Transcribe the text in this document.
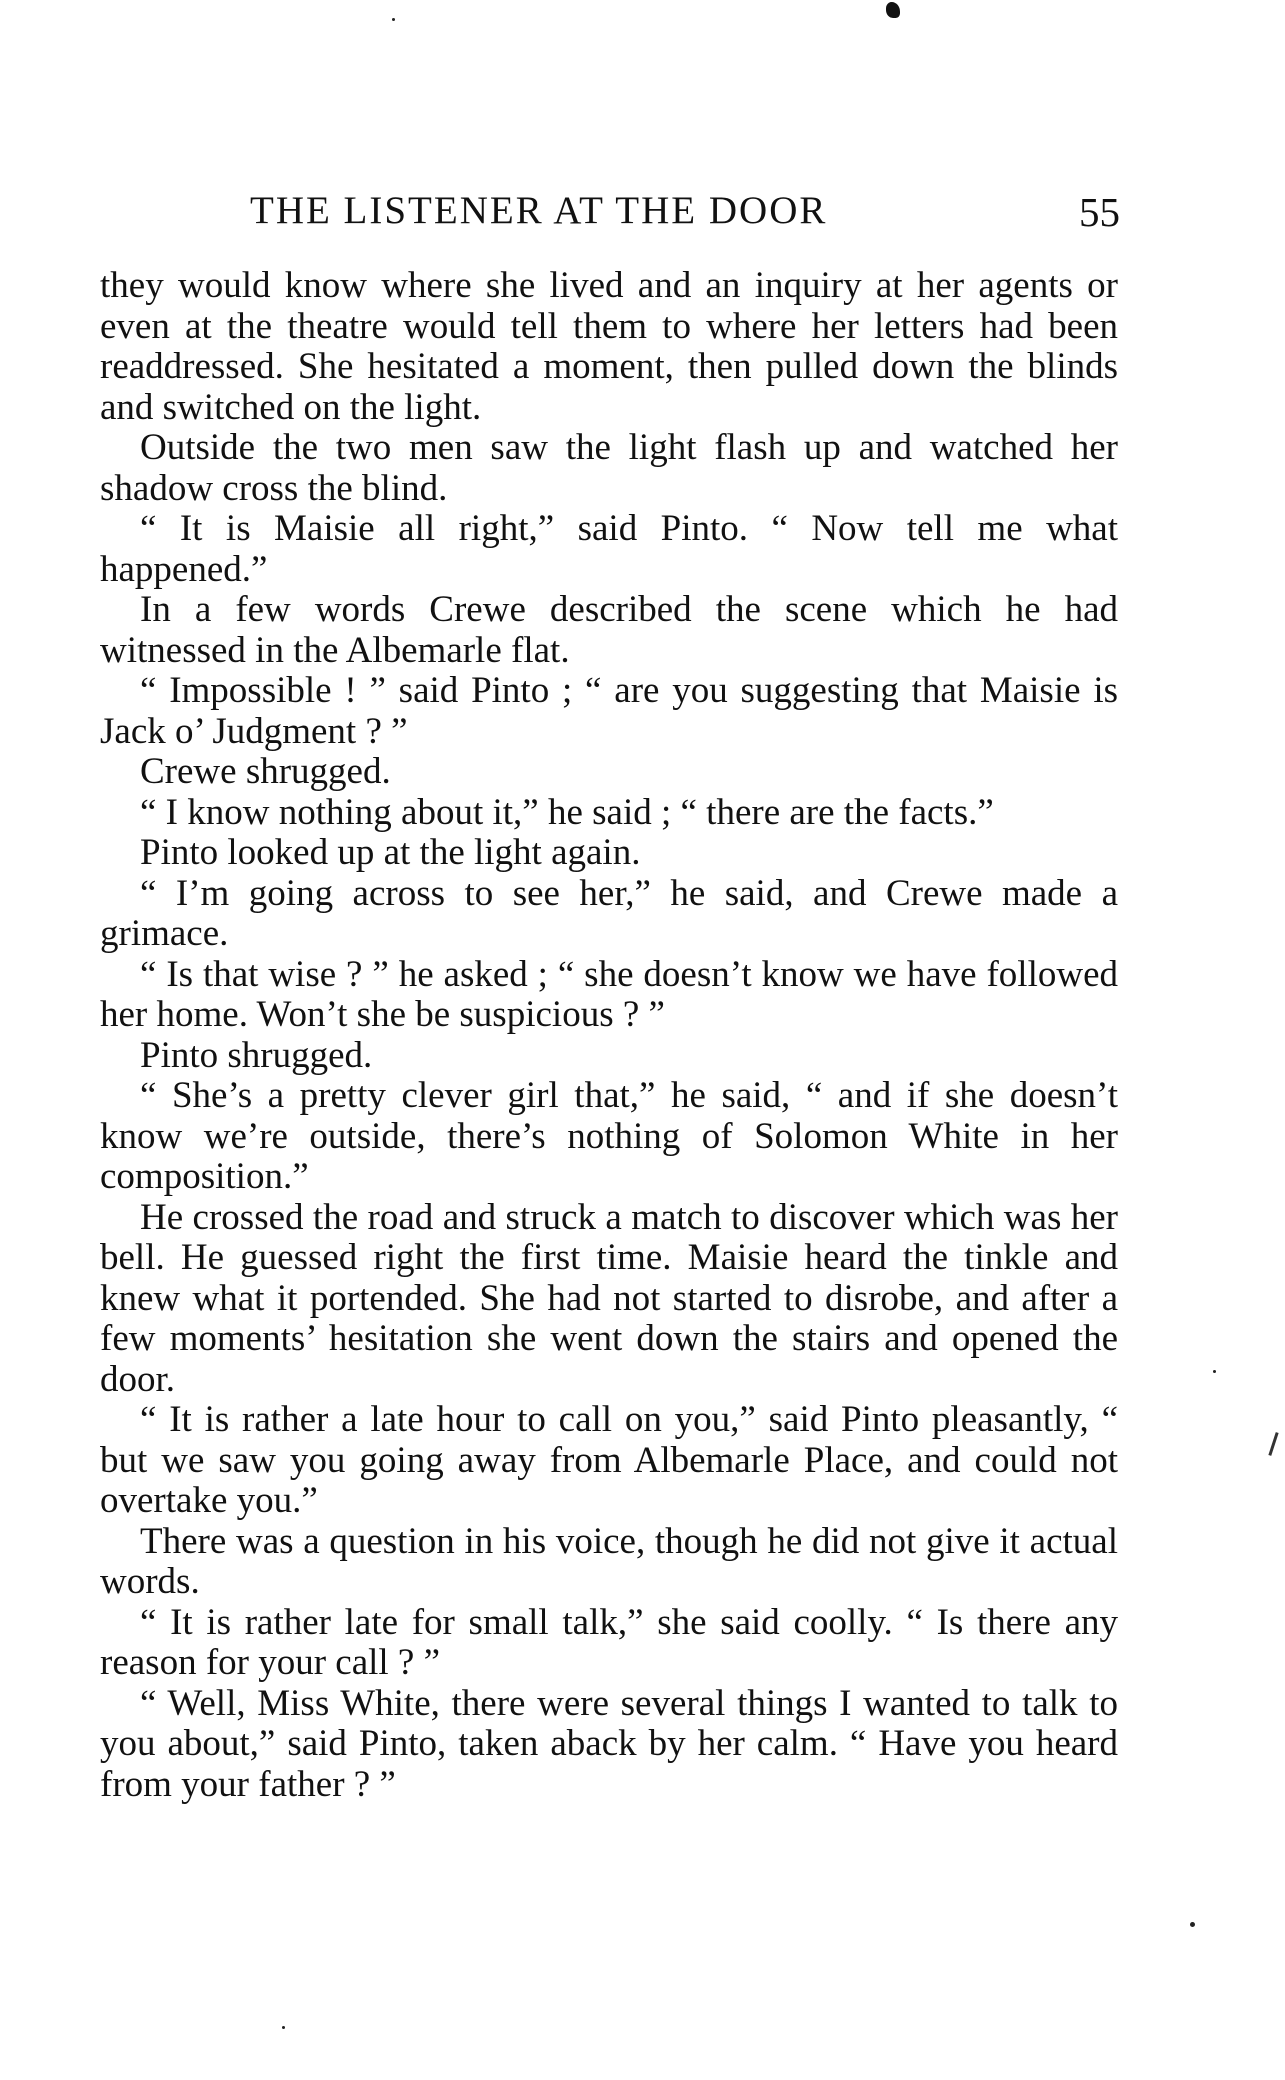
THE LISTENER AT THE DOOR	55

they would know where she lived and an inquiry at her agents or even at the theatre would tell them to where her letters had been readdressed. She hesitated a moment, then pulled down the blinds and switched on the light.

Outside the two men saw the light flash up and watched her shadow cross the blind.

“ It is Maisie all right,” said Pinto. “ Now tell me what happened.”

In a few words Crewe described the scene which he had witnessed in the Albemarle flat.

“ Impossible ! ” said Pinto ; “ are you suggesting that Maisie is Jack o’ Judgment ? ”

Crewe shrugged.

“ I know nothing about it,” he said ; “ there are the facts.”

Pinto looked up at the light again.

“ I’m going across to see her,” he said, and Crewe made a grimace.

“ Is that wise ? ” he asked ; “ she doesn’t know we have followed her home. Won’t she be suspicious ? ”

Pinto shrugged.

“ She’s a pretty clever girl that,” he said, “ and if she doesn’t know we’re outside, there’s nothing of Solomon White in her composition.”

He crossed the road and struck a match to discover which was her bell. He guessed right the first time. Maisie heard the tinkle and knew what it portended. She had not started to disrobe, and after a few moments’ hesitation she went down the stairs and opened the door.

“ It is rather a late hour to call on you,” said Pinto pleasantly, “ but we saw you going away from Albemarle Place, and could not overtake you.”

There was a question in his voice, though he did not give it actual words.

“ It is rather late for small talk,” she said coolly. “ Is there any reason for your call ? ”

“ Well, Miss White, there were several things I wanted to talk to you about,” said Pinto, taken aback by her calm. “ Have you heard from your father ? ”
